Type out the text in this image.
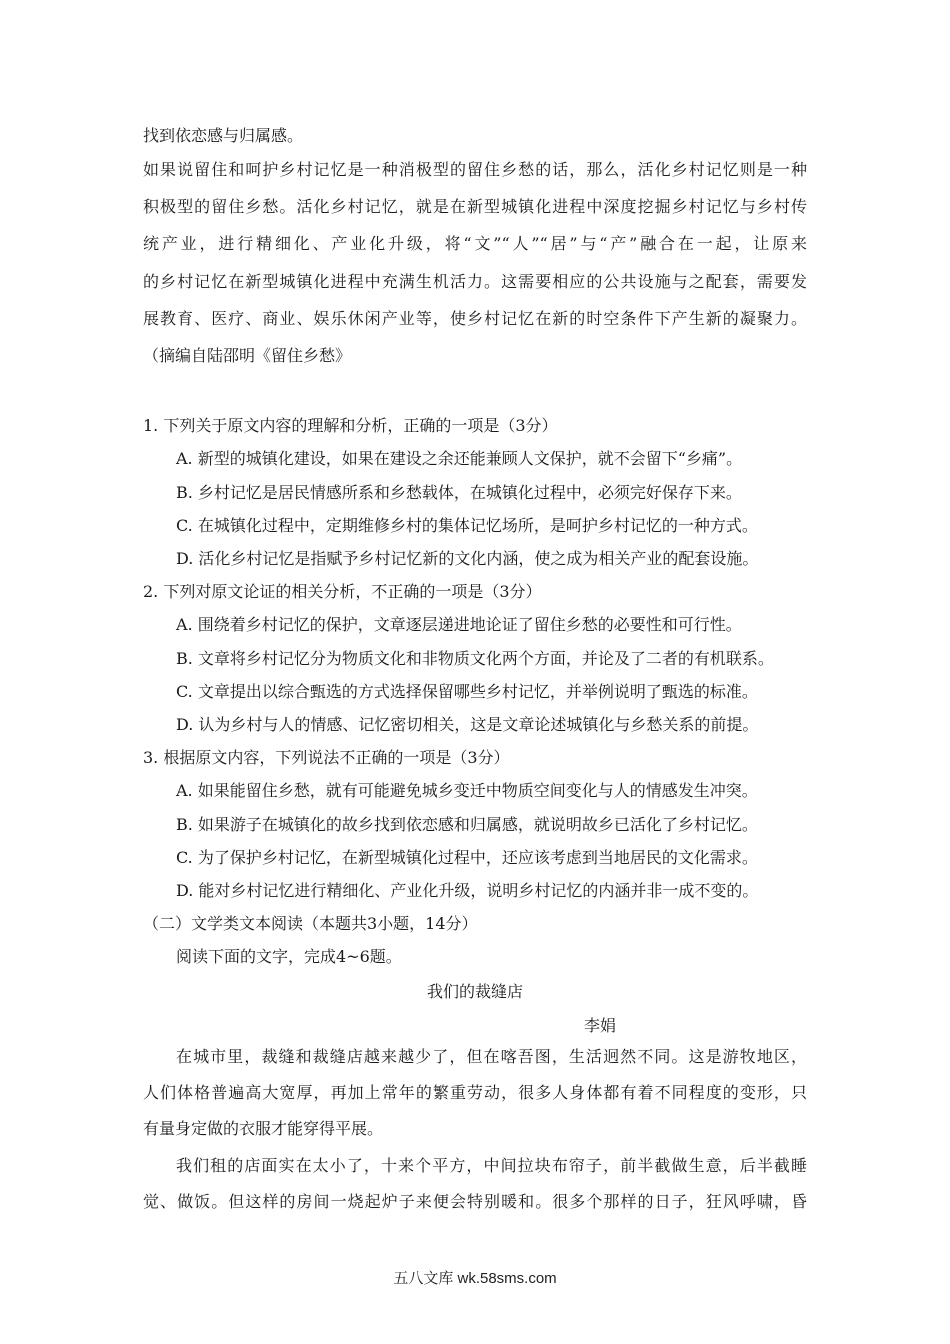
找到依恋感与归属感。
如果说留住和呵护乡村记忆是一种消极型的留住乡愁的话，那么，活化乡村记忆则是一种
积极型的留住乡愁。活化乡村记忆，就是在新型城镇化进程中深度挖掘乡村记忆与乡村传
统产业，进行精细化、产业化升级，将“文”“人”“居”与“产”融合在一起，让原来
的乡村记忆在新型城镇化进程中充满生机活力。这需要相应的公共设施与之配套，需要发
展教育、医疗、商业、娱乐休闲产业等，使乡村记忆在新的时空条件下产生新的凝聚力。
（摘编自陆邵明《留住乡愁》
1. 下列关于原文内容的理解和分析，正确的一项是（3分）
A. 新型的城镇化建设，如果在建设之余还能兼顾人文保护，就不会留下“乡痛”。
B. 乡村记忆是居民情感所系和乡愁载体，在城镇化过程中，必须完好保存下来。
C. 在城镇化过程中，定期维修乡村的集体记忆场所，是呵护乡村记忆的一种方式。
D. 活化乡村记忆是指赋予乡村记忆新的文化内涵，使之成为相关产业的配套设施。
2. 下列对原文论证的相关分析，不正确的一项是（3分）
A. 围绕着乡村记忆的保护，文章逐层递进地论证了留住乡愁的必要性和可行性。
B. 文章将乡村记忆分为物质文化和非物质文化两个方面，并论及了二者的有机联系。
C. 文章提出以综合甄选的方式选择保留哪些乡村记忆，并举例说明了甄选的标准。
D. 认为乡村与人的情感、记忆密切相关，这是文章论述城镇化与乡愁关系的前提。
3. 根据原文内容，下列说法不正确的一项是（3分）
A. 如果能留住乡愁，就有可能避免城乡变迁中物质空间变化与人的情感发生冲突。
B. 如果游子在城镇化的故乡找到依恋感和归属感，就说明故乡已活化了乡村记忆。
C. 为了保护乡村记忆，在新型城镇化过程中，还应该考虑到当地居民的文化需求。
D. 能对乡村记忆进行精细化、产业化升级，说明乡村记忆的内涵并非一成不变的。
（二）文学类文本阅读（本题共3小题，14分）
阅读下面的文字，完成4~6题。
我们的裁缝店
李娟
在城市里，裁缝和裁缝店越来越少了，但在喀吾图，生活迥然不同。这是游牧地区，
人们体格普遍高大宽厚，再加上常年的繁重劳动，很多人身体都有着不同程度的变形，只
有量身定做的衣服才能穿得平展。
我们租的店面实在太小了，十来个平方，中间拉块布帘子，前半截做生意，后半截睡
觉、做饭。但这样的房间一烧起炉子来便会特别暖和。很多个那样的日子，狂风呼啸，昏
五八文库 wk.58sms.com
